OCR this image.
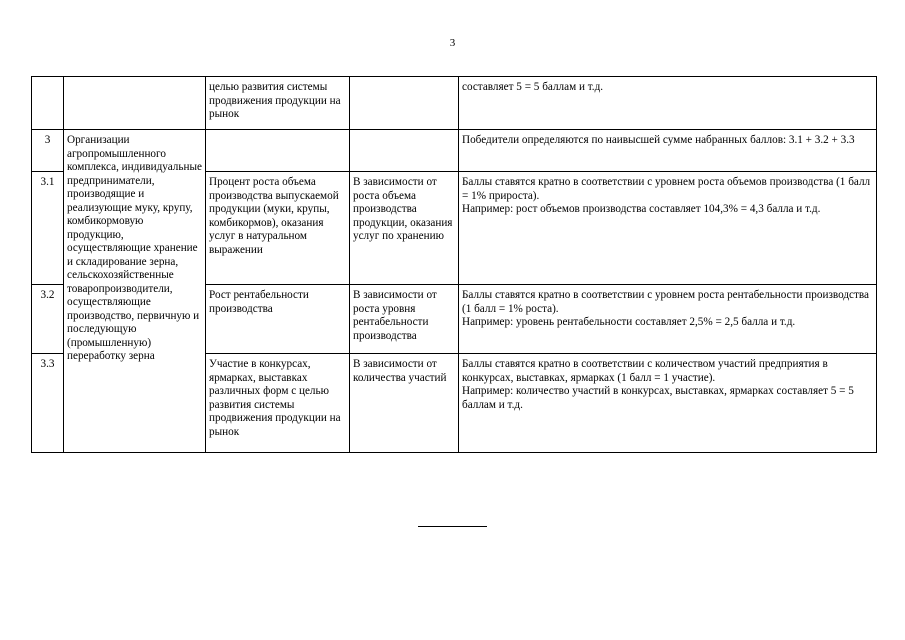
3
		целью развития системы продвижения продукции на рынок		составляет 5 = 5 баллам и т.д.
3	Организации агропромышленного комплекса, индивидуальные предприниматели, производящие и реализующие муку, крупу, комбикормовую продукцию, осуществляющие хранение и складирование зерна, сельскохозяйственные товаропроизводители, осуществляющие производство, первичную и последующую (промышленную) переработку зерна			Победители определяются по наивысшей сумме набранных баллов: 3.1 + 3.2 + 3.3
3.1		Процент роста объема производства выпускаемой продукции (муки, крупы, комбикормов), оказания услуг в натуральном выражении	В зависимости от роста объема производства продукции, оказания услуг по хранению	Баллы ставятся кратно в соответствии с уровнем роста объемов производства (1 балл = 1% прироста).
Например: рост объемов производства составляет 104,3% = 4,3 балла и т.д.

3.2		Рост рентабельности производства	В зависимости от роста уровня рентабельности производства	Баллы ставятся кратно в соответствии с уровнем роста рентабельности производства (1 балл = 1% роста).
Например: уровень рентабельности составляет 2,5% = 2,5 балла и т.д.

3.3		Участие в конкурсах, ярмарках, выставках различных форм с целью развития системы продвижения продукции на рынок	В зависимости от количества участий	Баллы ставятся кратно в соответствии с количеством участий предприятия в конкурсах, выставках, ярмарках (1 балл = 1 участие).
Например: количество участий в конкурсах, выставках, ярмарках составляет 5 = 5 баллам и т.д.
